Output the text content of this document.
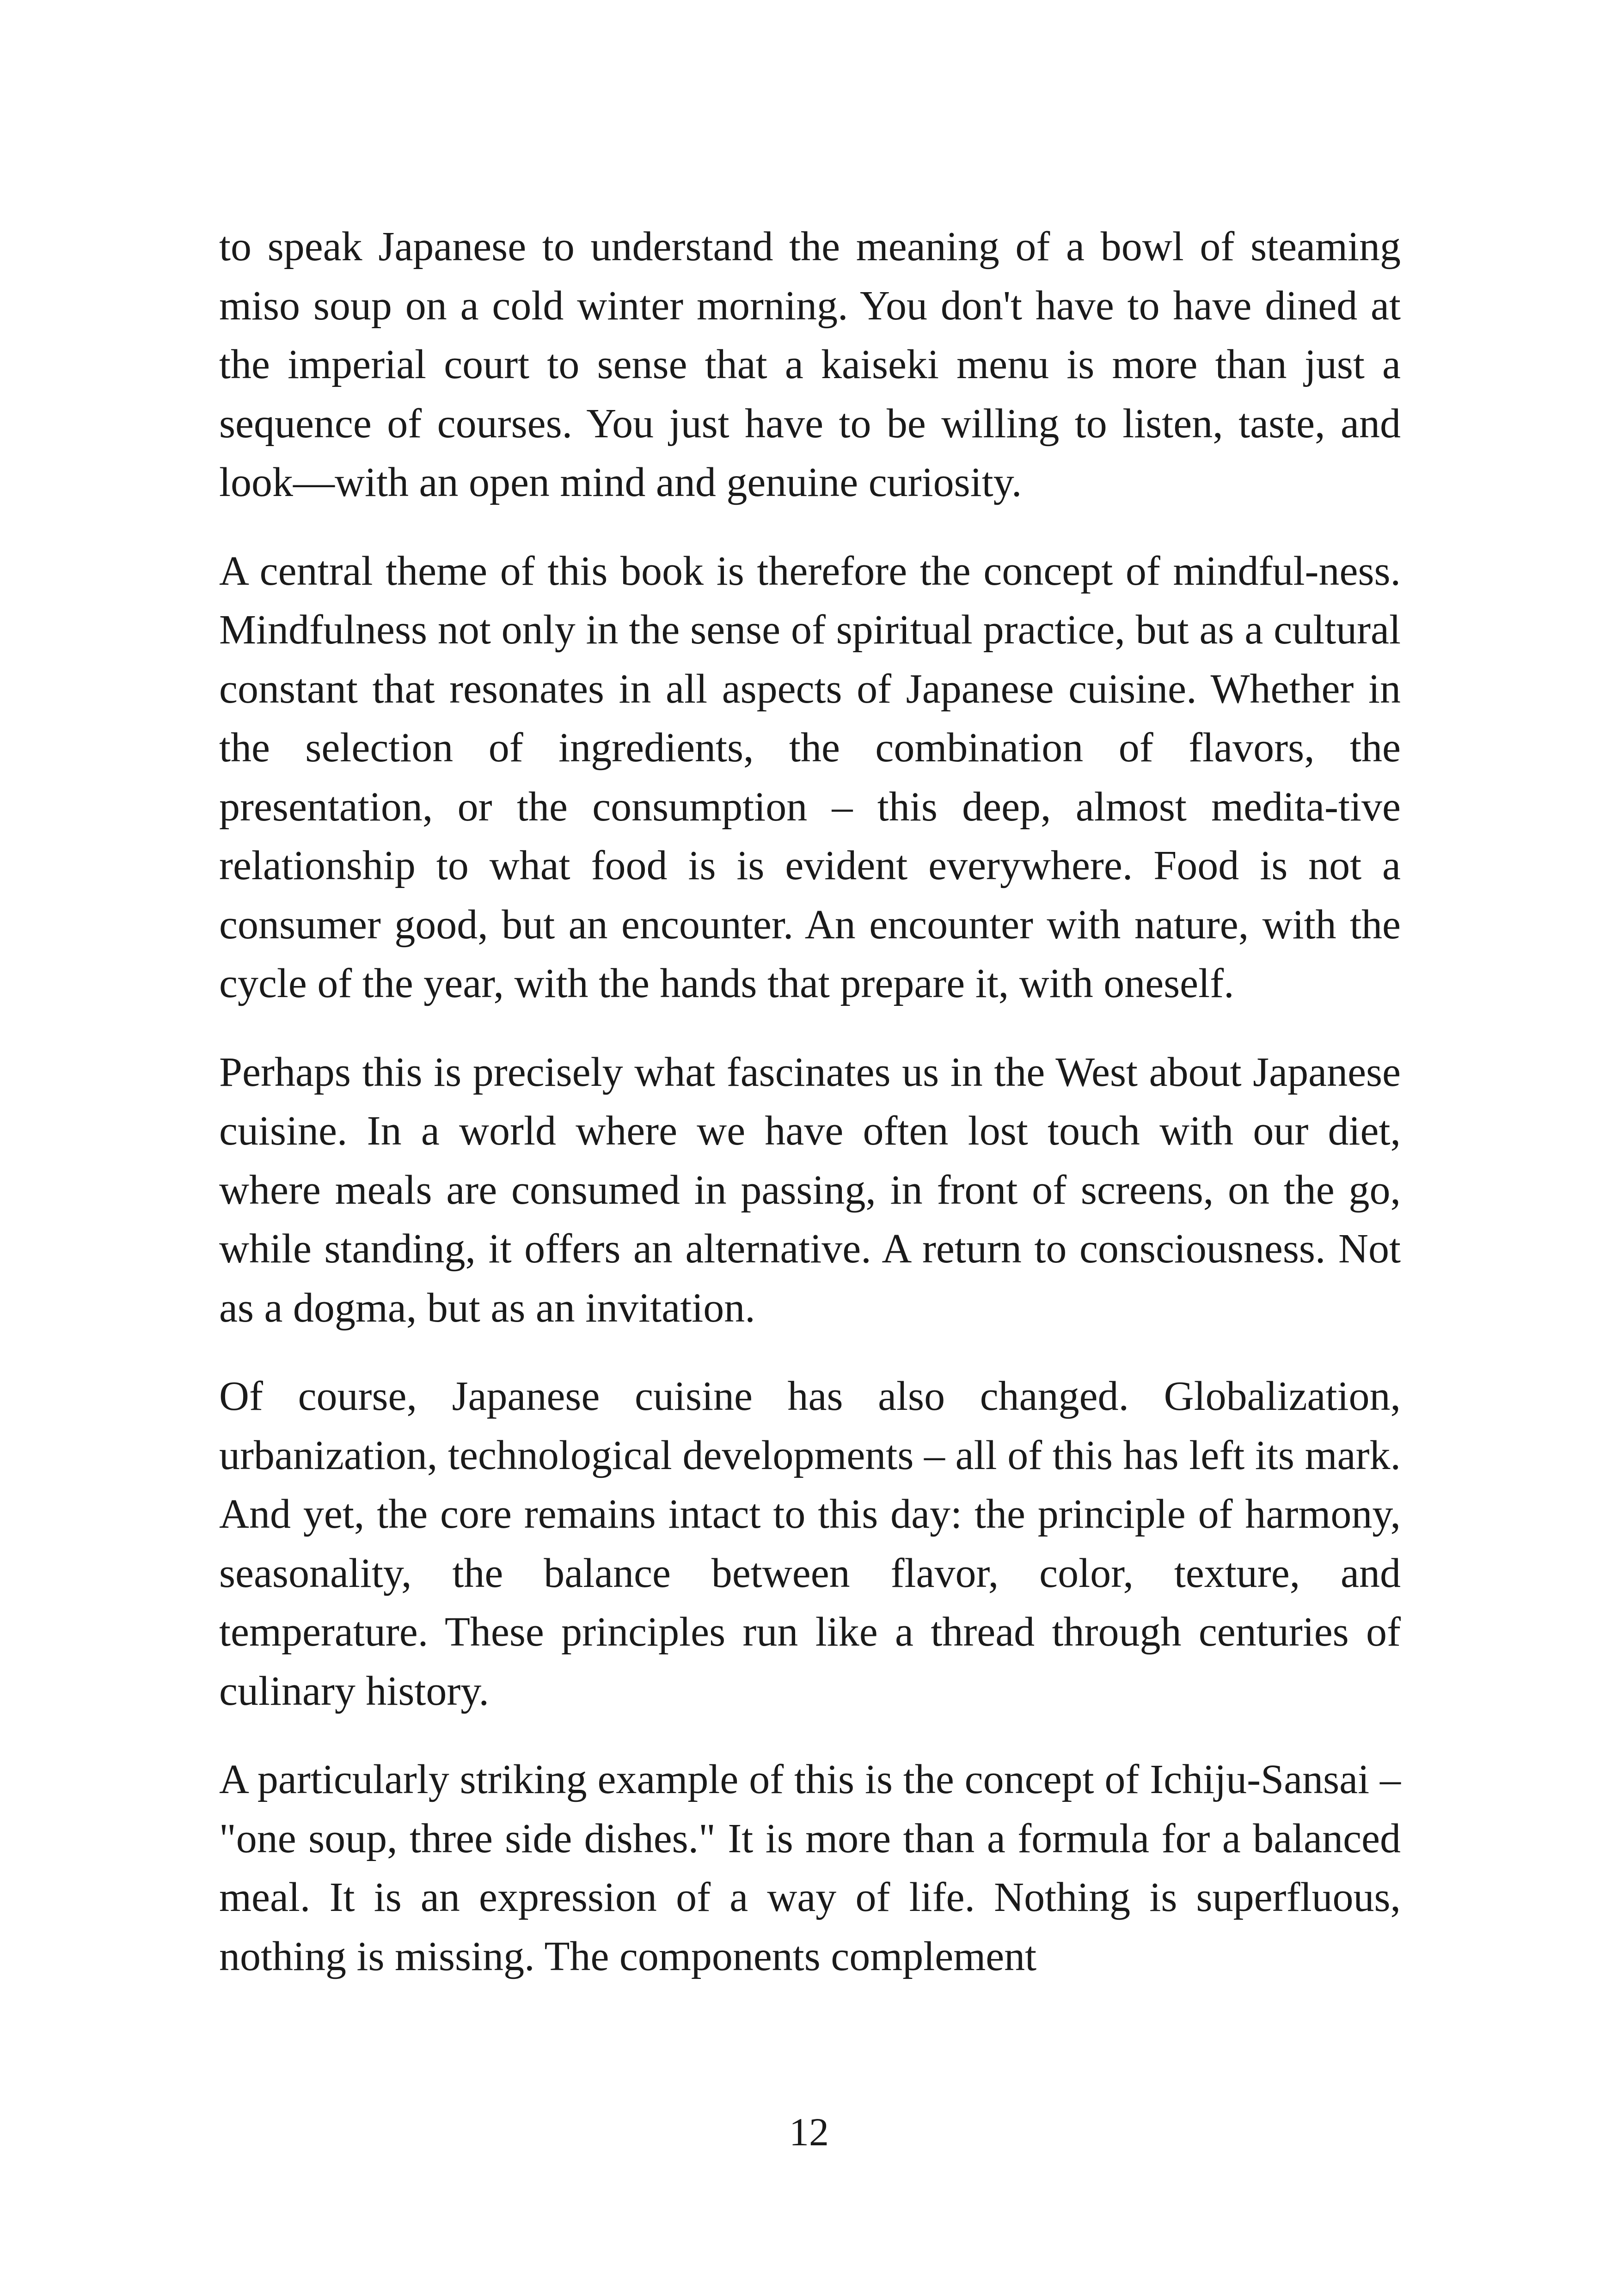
to speak Japanese to understand the meaning of a bowl of steaming miso soup on a cold winter morning. You don't have to have dined at the imperial court to sense that a kaiseki menu is more than just a sequence of courses. You just have to be willing to listen, taste, and look—with an open mind and genuine curiosity.

A central theme of this book is therefore the concept of mindful-ness. Mindfulness not only in the sense of spiritual practice, but as a cultural constant that resonates in all aspects of Japanese cuisine. Whether in the selection of ingredients, the combination of flavors, the presentation, or the consumption – this deep, almost medita-tive relationship to what food is is evident everywhere. Food is not a consumer good, but an encounter. An encounter with nature, with the cycle of the year, with the hands that prepare it, with oneself.

Perhaps this is precisely what fascinates us in the West about Japanese cuisine. In a world where we have often lost touch with our diet, where meals are consumed in passing, in front of screens, on the go, while standing, it offers an alternative. A return to consciousness. Not as a dogma, but as an invitation.

Of course, Japanese cuisine has also changed. Globalization, urbanization, technological developments – all of this has left its mark. And yet, the core remains intact to this day: the principle of harmony, seasonality, the balance between flavor, color, texture, and temperature. These principles run like a thread through centuries of culinary history.

A particularly striking example of this is the concept of Ichiju-Sansai – "one soup, three side dishes." It is more than a formula for a balanced meal. It is an expression of a way of life. Nothing is superfluous, nothing is missing. The components complement

12
